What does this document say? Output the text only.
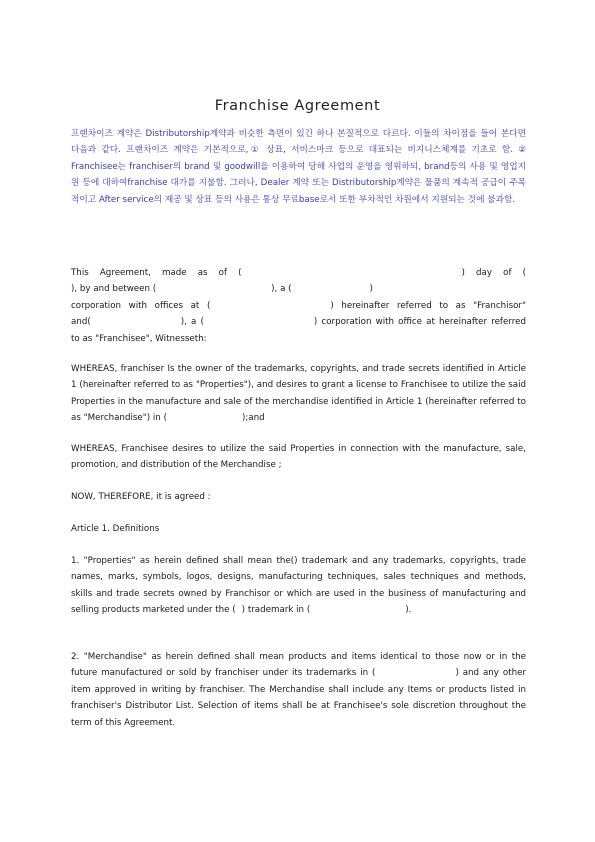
Franchise Agreement

프랜차이즈 계약은 Distributorship계약과 비슷한 측면이 있긴 하나 본질적으로 다르다. 이들의 차이점을 들어 본다면 다음과 같다. 프랜차이즈 계약은 기본적으로,① 상표, 서비스마크 등으로 대표되는 비지니스체계를 기초로 함. ② Franchisee는 franchiser의 brand 및 goodwill을 이용하여 당해 사업의 운영을 영위하되, brand등의 사용 및 영업지원 등에 대하여franchise 대가를 지불함. 그러나, Dealer 계약 또는 Distributorship계약은 물품의 계속적 공급이 주목적이고 After service의 제공 및 상표 등의 사용은 통상 무료base로서 또한 부차적인 차원에서 지원되는 것에 불과함.

This Agreement, made as of (	) day of (

), by and between (	), a (	)

corporation with offices at (	) hereinafter referred to as "Franchisor"

and(	), a (	) corporation with office at hereinafter referred to as "Franchisee", Witnesseth:

WHEREAS, franchiser Is the owner of the trademarks, copyrights, and trade secrets identified in Article 1 (hereinafter referred to as "Properties"), and desires to grant a license to Franchisee to utilize the said Properties in the manufacture and sale of the merchandise identified in Article 1 (hereinafter referred to as "Merchandise") in (	);and

WHEREAS, Franchisee desires to utilize the said Properties in connection with the manufacture, sale, promotion, and distribution of the Merchandise ;

NOW, THEREFORE, it is agreed :

Article 1. Definitions

1. "Properties" as herein defined shall mean the() trademark and any trademarks, copyrights, trade names, marks, symbols, logos, designs, manufacturing techniques, sales techniques and methods, skills and trade secrets owned by Franchisor or which are used in the business of manufacturing and selling products marketed under the ( ) trademark in (	).

2. "Merchandise" as herein defined shall mean products and items identical to those now or in the future manufactured or sold by franchiser under its trademarks in (	) and any other item approved in writing by franchiser. The Merchandise shall include any Items or products listed in franchiser's Distributor List. Selection of items shall be at Franchisee's sole discretion throughout the term of this Agreement.
